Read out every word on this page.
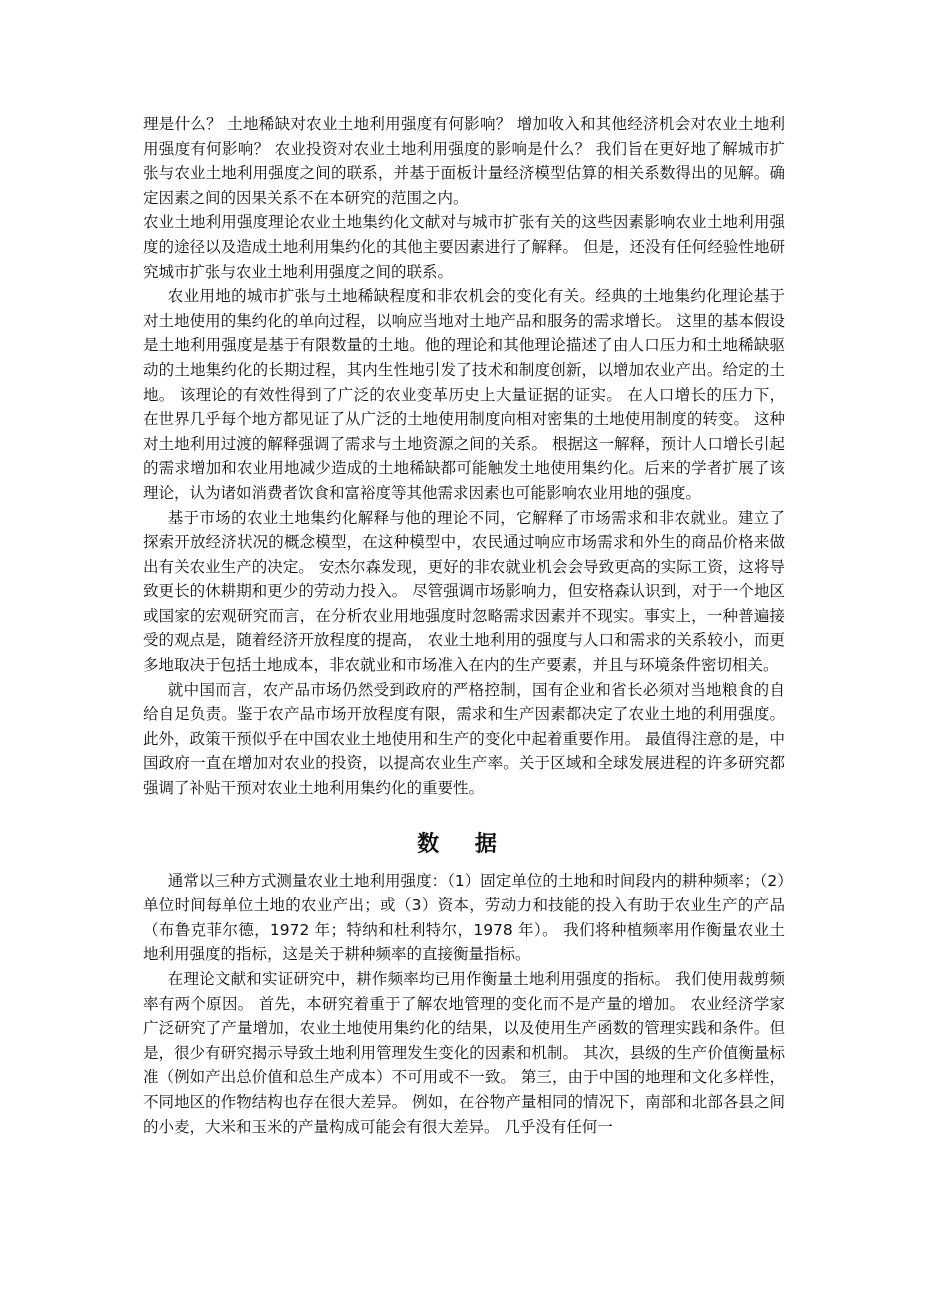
理是什么？ 土地稀缺对农业土地利用强度有何影响？ 增加收入和其他经济机会对农业土地利用强度有何影响？ 农业投资对农业土地利用强度的影响是什么？ 我们旨在更好地了解城市扩张与农业土地利用强度之间的联系，并基于面板计量经济模型估算的相关系数得出的见解。确定因素之间的因果关系不在本研究的范围之内。

农业土地利用强度理论农业土地集约化文献对与城市扩张有关的这些因素影响农业土地利用强度的途径以及造成土地利用集约化的其他主要因素进行了解释。 但是，还没有任何经验性地研究城市扩张与农业土地利用强度之间的联系。

农业用地的城市扩张与土地稀缺程度和非农机会的变化有关。经典的土地集约化理论基于对土地使用的集约化的单向过程，以响应当地对土地产品和服务的需求增长。 这里的基本假设是土地利用强度是基于有限数量的土地。他的理论和其他理论描述了由人口压力和土地稀缺驱动的土地集约化的长期过程，其内生性地引发了技术和制度创新，以增加农业产出。给定的土地。 该理论的有效性得到了广泛的农业变革历史上大量证据的证实。 在人口增长的压力下，在世界几乎每个地方都见证了从广泛的土地使用制度向相对密集的土地使用制度的转变。 这种对土地利用过渡的解释强调了需求与土地资源之间的关系。 根据这一解释，预计人口增长引起的需求增加和农业用地减少造成的土地稀缺都可能触发土地使用集约化。后来的学者扩展了该理论，认为诸如消费者饮食和富裕度等其他需求因素也可能影响农业用地的强度。

基于市场的农业土地集约化解释与他的理论不同，它解释了市场需求和非农就业。建立了探索开放经济状况的概念模型，在这种模型中，农民通过响应市场需求和外生的商品价格来做出有关农业生产的决定。 安杰尔森发现，更好的非农就业机会会导致更高的实际工资，这将导致更长的休耕期和更少的劳动力投入。 尽管强调市场影响力，但安格森认识到，对于一个地区或国家的宏观研究而言，在分析农业用地强度时忽略需求因素并不现实。事实上，一种普遍接受的观点是，随着经济开放程度的提高， 农业土地利用的强度与人口和需求的关系较小，而更多地取决于包括土地成本，非农就业和市场准入在内的生产要素，并且与环境条件密切相关。

就中国而言，农产品市场仍然受到政府的严格控制，国有企业和省长必须对当地粮食的自给自足负责。鉴于农产品市场开放程度有限，需求和生产因素都决定了农业土地的利用强度。 此外，政策干预似乎在中国农业土地使用和生产的变化中起着重要作用。 最值得注意的是，中国政府一直在增加对农业的投资，以提高农业生产率。关于区域和全球发展进程的许多研究都强调了补贴干预对农业土地利用集约化的重要性。

数 据

通常以三种方式测量农业土地利用强度：（1）固定单位的土地和时间段内的耕种频率；（2）单位时间每单位土地的农业产出；或（3）资本，劳动力和技能的投入有助于农业生产的产品（布鲁克菲尔德，1972 年；特纳和杜利特尔，1978 年）。 我们将种植频率用作衡量农业土地利用强度的指标，这是关于耕种频率的直接衡量指标。

在理论文献和实证研究中，耕作频率均已用作衡量土地利用强度的指标。 我们使用裁剪频率有两个原因。 首先，本研究着重于了解农地管理的变化而不是产量的增加。 农业经济学家广泛研究了产量增加，农业土地使用集约化的结果，以及使用生产函数的管理实践和条件。但是，很少有研究揭示导致土地利用管理发生变化的因素和机制。 其次，县级的生产价值衡量标准（例如产出总价值和总生产成本）不可用或不一致。 第三，由于中国的地理和文化多样性，不同地区的作物结构也存在很大差异。 例如，在谷物产量相同的情况下，南部和北部各县之间的小麦，大米和玉米的产量构成可能会有很大差异。 几乎没有任何一
